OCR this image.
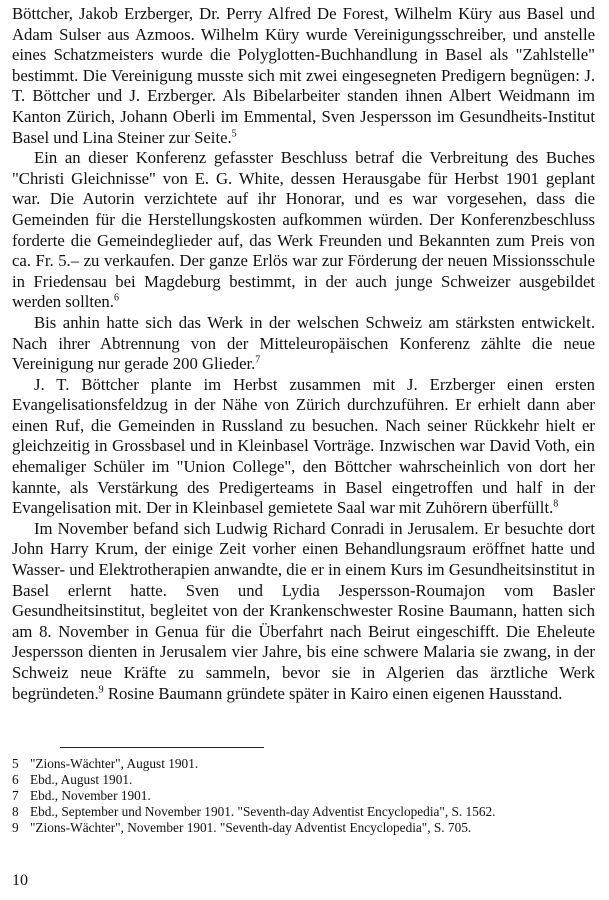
Böttcher, Jakob Erzberger, Dr. Perry Alfred De Forest, Wilhelm Küry aus Basel und Adam Sulser aus Azmoos. Wilhelm Küry wurde Vereinigungsschreiber, und anstelle eines Schatzmeisters wurde die Polyglotten-Buchhandlung in Basel als "Zahlstelle" bestimmt. Die Vereinigung musste sich mit zwei eingesegneten Predigern begnügen: J. T. Böttcher und J. Erzberger. Als Bibelarbeiter standen ihnen Albert Weidmann im Kanton Zürich, Johann Oberli im Emmental, Sven Jespersson im Gesundheits-Institut Basel und Lina Steiner zur Seite.$^5$

Ein an dieser Konferenz gefasster Beschluss betraf die Verbreitung des Buches "Christi Gleichnisse" von E. G. White, dessen Herausgabe für Herbst 1901 geplant war. Die Autorin verzichtete auf ihr Honorar, und es war vorgesehen, dass die Gemeinden für die Herstellungskosten aufkommen würden. Der Konferenzbeschluss forderte die Gemeindeglieder auf, das Werk Freunden und Bekannten zum Preis von ca. Fr. 5.– zu verkaufen. Der ganze Erlös war zur Förderung der neuen Missionsschule in Friedensau bei Magdeburg bestimmt, in der auch junge Schweizer ausgebildet werden sollten.$^6$

Bis anhin hatte sich das Werk in der welschen Schweiz am stärksten entwickelt. Nach ihrer Abtrennung von der Mitteleuropäischen Konferenz zählte die neue Vereinigung nur gerade 200 Glieder.$^7$

J. T. Böttcher plante im Herbst zusammen mit J. Erzberger einen ersten Evangelisationsfeldzug in der Nähe von Zürich durchzuführen. Er erhielt dann aber einen Ruf, die Gemeinden in Russland zu besuchen. Nach seiner Rückkehr hielt er gleichzeitig in Grossbasel und in Kleinbasel Vorträge. Inzwischen war David Voth, ein ehemaliger Schüler im "Union College", den Böttcher wahrscheinlich von dort her kannte, als Verstärkung des Predigerteams in Basel eingetroffen und half in der Evangelisation mit. Der in Kleinbasel gemietete Saal war mit Zuhörern überfüllt.$^8$

Im November befand sich Ludwig Richard Conradi in Jerusalem. Er besuchte dort John Harry Krum, der einige Zeit vorher einen Behandlungsraum eröffnet hatte und Wasser- und Elektrotherapien anwandte, die er in einem Kurs im Gesundheitsinstitut in Basel erlernt hatte. Sven und Lydia Jespersson-Roumajon vom Basler Gesundheitsinstitut, begleitet von der Krankenschwester Rosine Baumann, hatten sich am 8. November in Genua für die Überfahrt nach Beirut eingeschifft. Die Eheleute Jespersson dienten in Jerusalem vier Jahre, bis eine schwere Malaria sie zwang, in der Schweiz neue Kräfte zu sammeln, bevor sie in Algerien das ärztliche Werk begründeten.$^9$ Rosine Baumann gründete später in Kairo einen eigenen Hausstand.

5 "Zions-Wächter", August 1901.
6 Ebd., August 1901.
7 Ebd., November 1901.
8 Ebd., September und November 1901. "Seventh-day Adventist Encyclopedia", S. 1562.
9 "Zions-Wächter", November 1901. "Seventh-day Adventist Encyclopedia", S. 705.
10
